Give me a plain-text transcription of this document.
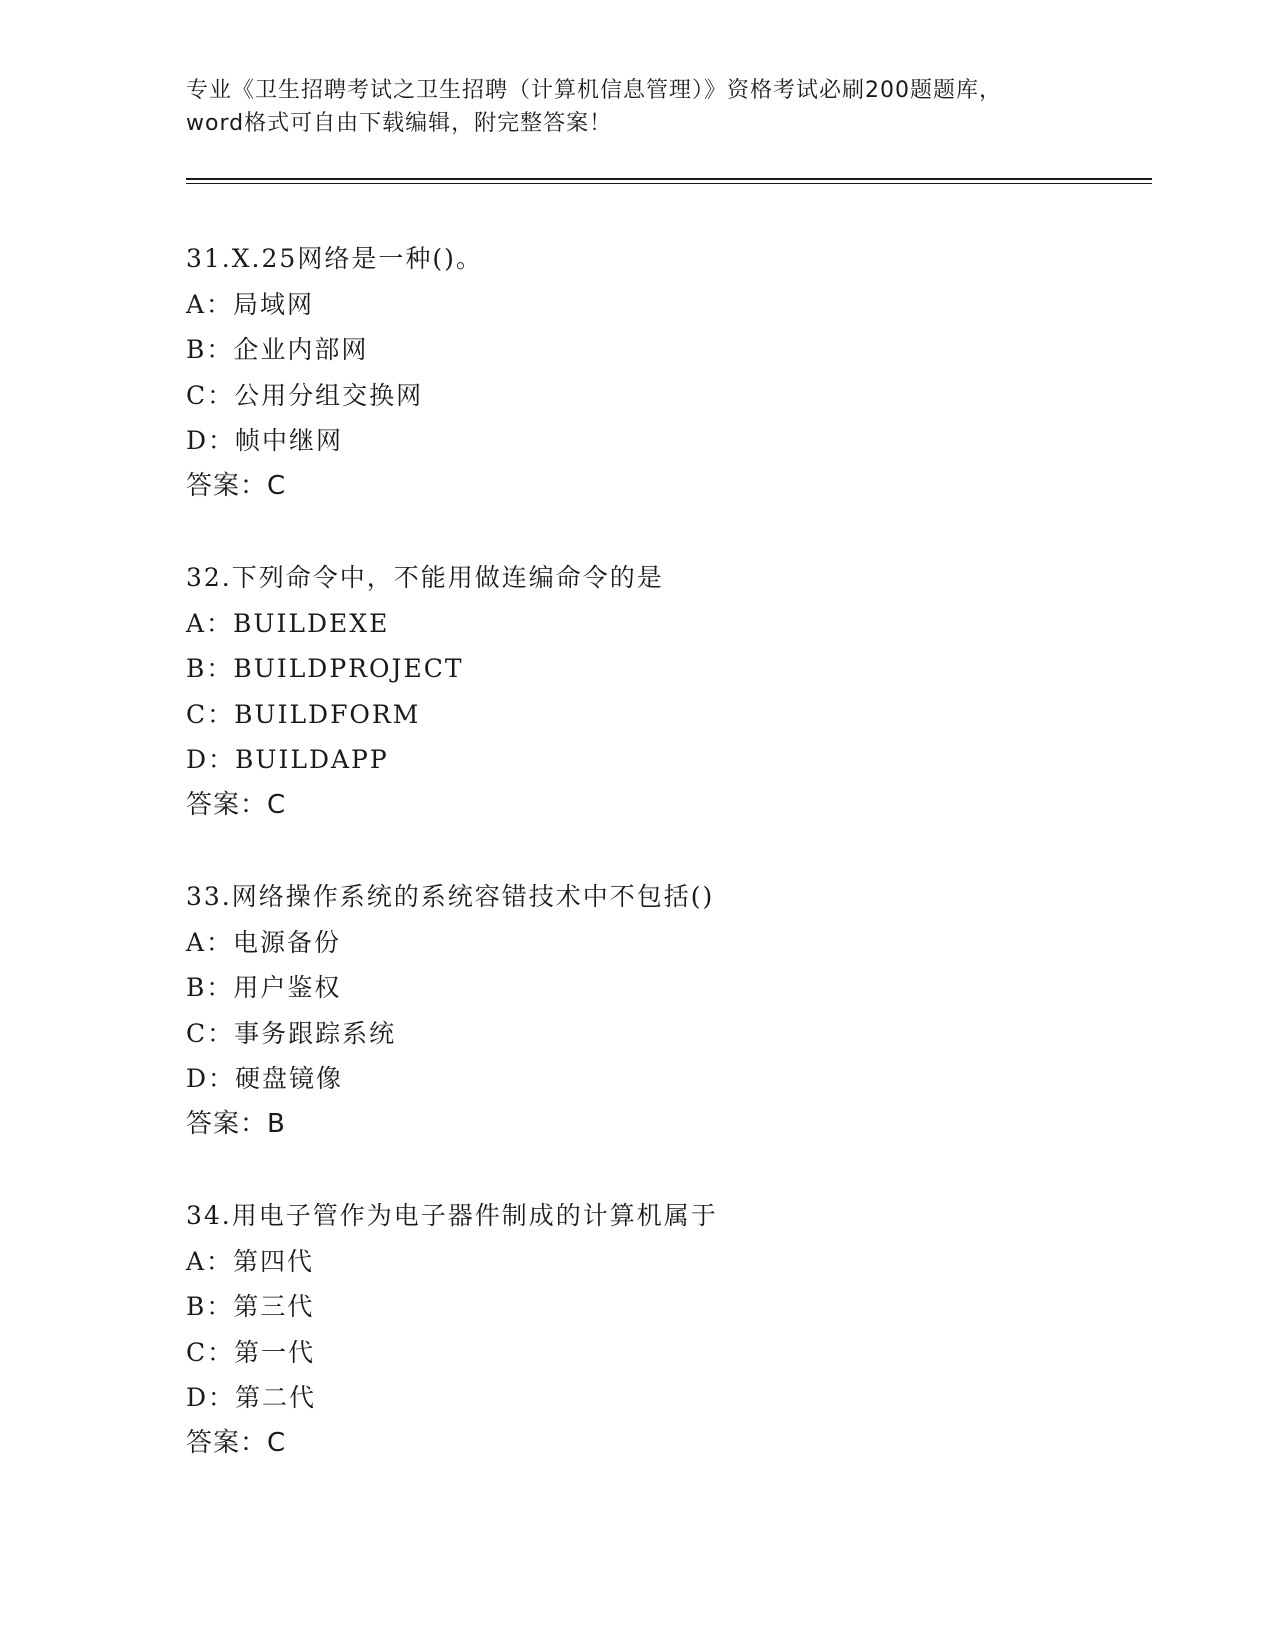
专业《卫生招聘考试之卫生招聘（计算机信息管理）》资格考试必刷200题题库，
word格式可自由下载编辑，附完整答案！
31.X.25网络是一种()。
A：局域网
B：企业内部网
C：公用分组交换网
D：帧中继网
答案：C
32.下列命令中，不能用做连编命令的是
A：BUILDEXE
B：BUILDPROJECT
C：BUILDFORM
D：BUILDAPP
答案：C
33.网络操作系统的系统容错技术中不包括()
A：电源备份
B：用户鉴权
C：事务跟踪系统
D：硬盘镜像
答案：B
34.用电子管作为电子器件制成的计算机属于
A：第四代
B：第三代
C：第一代
D：第二代
答案：C
